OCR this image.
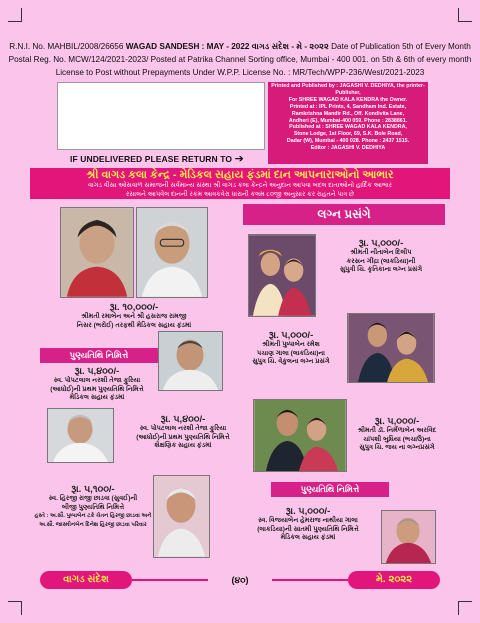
R.N.I. No. MAHBIL/2008/26656 WAGAD SANDESH : MAY - 2022 વાગડ સંદેશ - મે - ૨૦૨૨ Date of Publication 5th of Every Month
Postal Reg. No. MCW/124/2021-2023/ Posted at Patrika Channel Sorting office, Mumbai - 400 001. on 5th & 6th of every month
License to Post without Prepayments Under W.P.P. License No. : MR/Tech/WPP-236/West/2021-2023
IF UNDELIVERED PLEASE RETURN TO ➔
Printed and Published by : JAGASHI V. DEDHIYA, the printer-Publisher,
For SHREE WAGAD KALA KENDRA the Owner.
Printed at : IPL Prints, 4, Sandham Ind. Estate,
Ramkrishna Mandir Rd., Off. Kondivita Lane,
Andheri (E), Mumbai-400 059. Phone : 2838861.
Published at : SHREE WAGAD KALA KENDRA,
Stone Lodge, 1st Floor, 69, S.K. Bole Road,
Dadar (W), Mumbai - 400 028. Phone : 2437 1515.
Editor : JAGASHI V. DEDHIYA
શ્રી વાગડ કલા કેન્દ્ર - મેડિકલ સહાય ફંડમાં દાન આપનારાઓનો આભાર
વાગડ વીસા ઓસવાળ સમાજની સર્વમાન્ય સંસ્થા શ્રી વાગડ કલા કેન્દ્રને અનુદાન આપવા બદલ દાતાઓનો હાર્દિક આભાર
રસાલને આપવેલ દાનની રકમ આવકવેરા ધારાની કલમ ૮૦જી અનુસાર કર રાહતને પાત્ર છે
લગ્ન પ્રસંગે
પુણ્યતિથિ નિમિત્તે
પુણ્યતિથિ નિમિત્તે
રૂા. ૧૦,૦૦૦/-
શ્રીમતી રમાબેન અને શ્રી હસરાજ રામજી
નિસર (ભરોઈ) તરફથી મેડિકલ સહાય ફંડમાં
રૂા. ૫,૪૦૦/-
સ્વ. પોપટલાલ નરશી તેજા ફુરિયા
(આધોઈ)ની પ્રથમ પુણ્યતિથિ નિમિત્તે
મેડિકલ સહાય ફંડમાં
રૂા. ૫,૪૦૦/-
સ્વ. પોપટલાલ નરશી તેજા ફુરિયા
(આધોઈ)ની પ્રથમ પુણ્યતિથિ નિમિત્તે
શૈક્ષણિક સહાય ફંડમાં
રૂા. ૫,૧૦૦/-
સ્વ. હિરજી રાજી છાડવા (સુવઈ)ની
બીજી પુણ્યતિથિ નિમિત્તે
હસ્તે : અ.સૌ. પુષ્પાબેન ટકે ચેતન હિરજી છાડવા અને
અ.સૌ. જાસ્મીનબેન દિનેશ હિરજી છાડવા પરિવાર
રૂા. ૫,૦૦૦/-
શ્રીમતી નીતાબેન દિલીપ
કરસન ગીંદ્રા (લાકડિયા)ની
સુપુત્રી ચિ. કૃતિકાના લગ્ન પ્રસંગે
રૂા. ૫,૦૦૦/-
શ્રીમતી પુષ્પાબેન રમેશ
પચાણ ગાલા (લાકડિયા)ના
સુપુત્ર ચિ. વેકુલના લગ્ન પ્રસંગે
રૂા. ૫,૦૦૦/-
શ્રીમતી ડૉ. નિર્મળાબેન અરવિંદ
ચાંપશી બુધિયા (ભચાઉ)ના
સુપુત્ર ચિ. જય ના લગ્નપ્રસંગે
રૂા. ૫,૦૦૦/-
સ્વ. વિજયાબેન હેમરાજ નાથીયા ગાલા
(લાકડિયા)ની સાતમી પુણ્યતિથિ નિમિત્તે
મેડિકલ સહાય ફંડમાં
વાગડ સંદેશ	(૪૦)	મે. ૨૦૨૨
